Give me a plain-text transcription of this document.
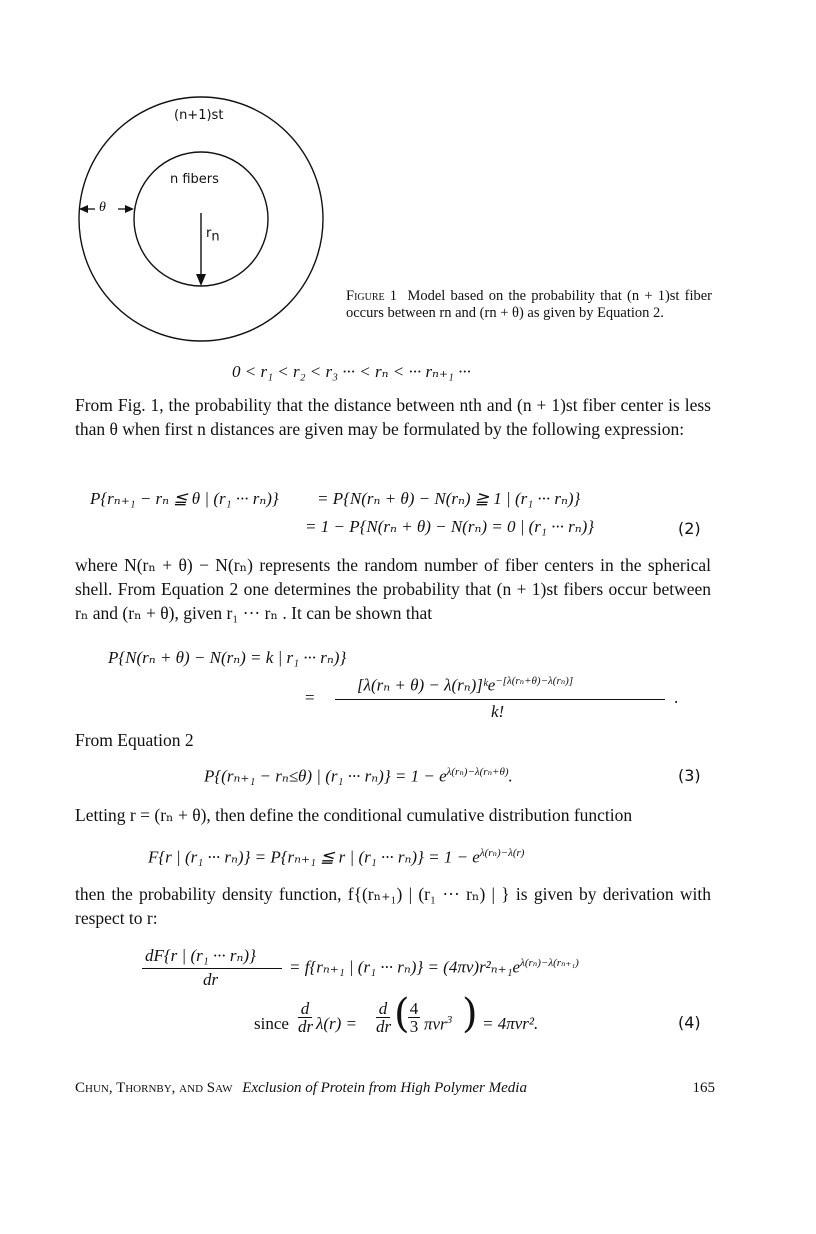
(n+1)st
n fibers
θ
$r_n$
Figure 1 Model based on the probability that (n + 1)st fiber occurs between rn and (rn + θ) as given by Equation 2.
0 < r₁ < r₂ < r₃ ··· < rₙ < ··· rₙ₊₁ ···

From Fig. 1, the probability that the distance between nth and (n + 1)st fiber center is less than θ when first n distances are given may be formulated by the following expression:

P{rₙ₊₁ − rₙ ≦ θ | (r₁ ··· rₙ)} = P{N(rₙ + θ) − N(rₙ) ≧ 1 | (r₁ ··· rₙ)}
= 1 − P{N(rₙ + θ) − N(rₙ) = 0 | (r₁ ··· rₙ)}	(2)

where N(rₙ + θ) − N(rₙ) represents the random number of fiber centers in the spherical shell. From Equation 2 one determines the probability that (n + 1)st fibers occur between rₙ and (rₙ + θ), given r₁ ··· rₙ . It can be shown that

P{N(rₙ + θ) − N(rₙ) = k | r₁ ··· rₙ)}
=
[λ(rₙ + θ) − λ(rₙ)]ᵏe$^{-[\lambda(r_n+\theta)-\lambda(r_n)]}$
k!
.

From Equation 2

P{(rₙ₊₁ − rₙ≤θ) | (r₁ ··· $r_n)\} = 1 - e^{\lambda(r_n)-\lambda(r_n+\theta)}$.	(3)

Letting r = (rₙ + θ), then define the conditional cumulative distribution function

F{r | (r₁ ··· rₙ)} = P{rₙ₊₁ ≦ r | (r₁ ··· $r_n)\} = 1 - e^{\lambda(r_n)-\lambda(r)}$

then the probability density function, f{(rₙ₊₁) | (r₁ ··· rₙ) | } is given by derivation with respect to r:

dF{r | (r₁ ··· rₙ)}
dr
= f{rₙ₊₁ | (r₁ ··· $r_n)\} = (4\pi\nu)r^2_{n+1}e^{\lambda(r_n)-\lambda(r_{n+1})}$
since
d
dr λ(r) =
d
dr ( 4
3 πνr$^3$ ) = 4πνr².	(4)
Chun, Thornby, and Saw Exclusion of Protein from High Polymer Media	165
